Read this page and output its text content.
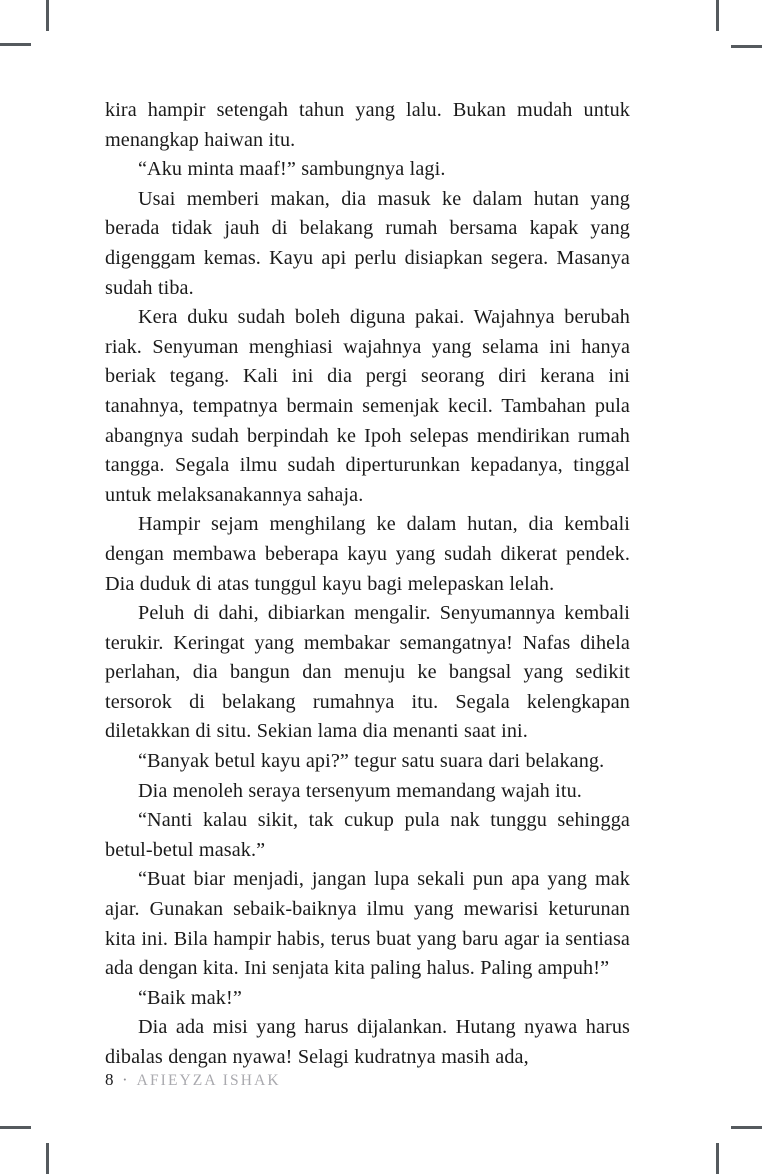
kira hampir setengah tahun yang lalu. Bukan mudah untuk menangkap haiwan itu.

“Aku minta maaf!” sambungnya lagi.

Usai memberi makan, dia masuk ke dalam hutan yang berada tidak jauh di belakang rumah bersama kapak yang digenggam kemas. Kayu api perlu disiapkan segera. Masanya sudah tiba.

Kera duku sudah boleh diguna pakai. Wajahnya berubah riak. Senyuman menghiasi wajahnya yang selama ini hanya beriak tegang. Kali ini dia pergi seorang diri kerana ini tanahnya, tempatnya bermain semenjak kecil. Tambahan pula abangnya sudah berpindah ke Ipoh selepas mendirikan rumah tangga. Segala ilmu sudah diperturunkan kepadanya, tinggal untuk melaksanakannya sahaja.

Hampir sejam menghilang ke dalam hutan, dia kembali dengan membawa beberapa kayu yang sudah dikerat pendek. Dia duduk di atas tunggul kayu bagi melepaskan lelah.

Peluh di dahi, dibiarkan mengalir. Senyumannya kembali terukir. Keringat yang membakar semangatnya! Nafas dihela perlahan, dia bangun dan menuju ke bangsal yang sedikit tersorok di belakang rumahnya itu. Segala kelengkapan diletakkan di situ. Sekian lama dia menanti saat ini.

“Banyak betul kayu api?” tegur satu suara dari belakang.

Dia menoleh seraya tersenyum memandang wajah itu.

“Nanti kalau sikit, tak cukup pula nak tunggu sehingga betul-betul masak.”

“Buat biar menjadi, jangan lupa sekali pun apa yang mak ajar. Gunakan sebaik-baiknya ilmu yang mewarisi keturunan kita ini. Bila hampir habis, terus buat yang baru agar ia sentiasa ada dengan kita. Ini senjata kita paling halus. Paling ampuh!”

“Baik mak!”

Dia ada misi yang harus dijalankan. Hutang nyawa harus dibalas dengan nyawa! Selagi kudratnya masih ada,

8 · AFIEYZA ISHAK
